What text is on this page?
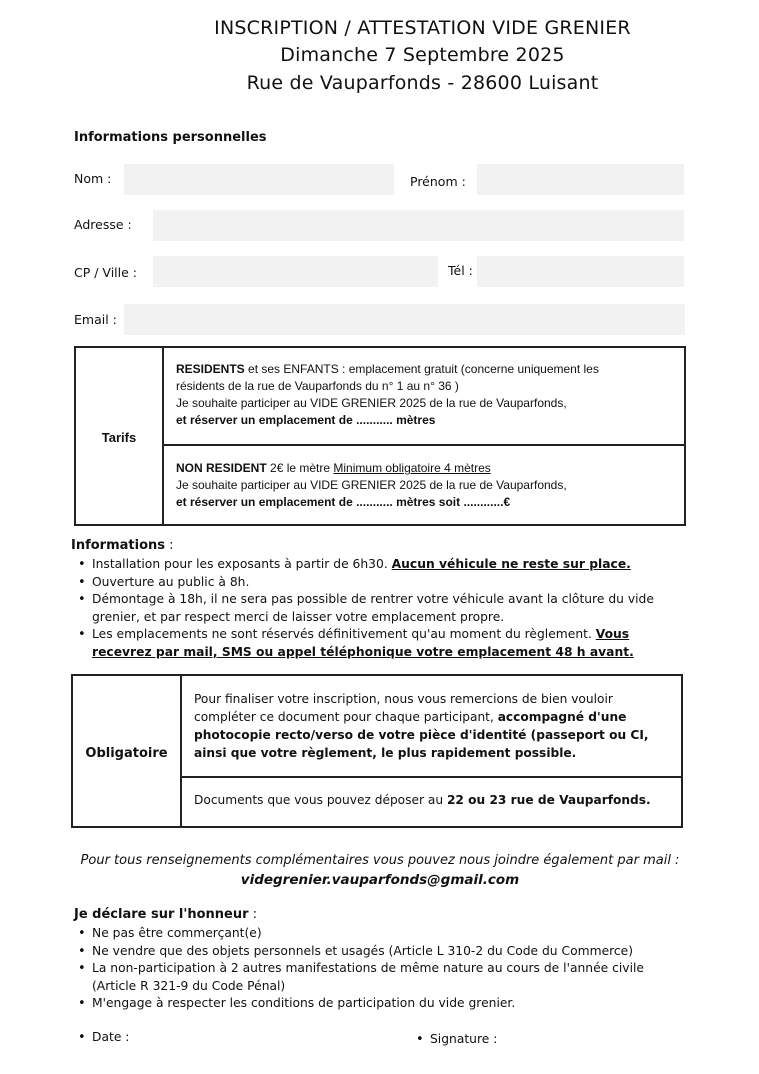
INSCRIPTION / ATTESTATION VIDE GRENIER
Dimanche 7 Septembre 2025
Rue de Vauparfonds - 28600 Luisant
Informations personnelles
Nom :	Prénom :
Adresse :
CP / Ville :	Tél :
Email :
Tarifs	
RESIDENTS et ses ENFANTS : emplacement gratuit (concerne uniquement les
résidents de la rue de Vauparfonds du n° 1 au n° 36 )
Je souhaite participer au VIDE GRENIER 2025 de la rue de Vauparfonds,
et réserver un emplacement de ........... mètres

NON RESIDENT 2€ le mètre Minimum obligatoire 4 mètres
Je souhaite participer au VIDE GRENIER 2025 de la rue de Vauparfonds,
et réserver un emplacement de ........... mètres soit ............€
Informations :
• Installation pour les exposants à partir de 6h30. Aucun véhicule ne reste sur place.
• Ouverture au public à 8h.
• Démontage à 18h, il ne sera pas possible de rentrer votre véhicule avant la clôture du vide grenier, et par respect merci de laisser votre emplacement propre.
• Les emplacements ne sont réservés définitivement qu'au moment du règlement. Vous recevrez par mail, SMS ou appel téléphonique votre emplacement 48 h avant.
Obligatoire	Pour finaliser votre inscription, nous vous remercions de bien vouloir compléter ce document pour chaque participant, accompagné d'une photocopie recto/verso de votre pièce d'identité (passeport ou CI, ainsi que votre règlement, le plus rapidement possible.
Documents que vous pouvez déposer au 22 ou 23 rue de Vauparfonds.
Pour tous renseignements complémentaires vous pouvez nous joindre également par mail :
videgrenier.vauparfonds@gmail.com
Je déclare sur l'honneur :
• Ne pas être commerçant(e)
• Ne vendre que des objets personnels et usagés (Article L 310-2 du Code du Commerce)
• La non-participation à 2 autres manifestations de même nature au cours de l'année civile (Article R 321-9 du Code Pénal)
• M'engage à respecter les conditions de participation du vide grenier.
• Date :
•	Signature :
